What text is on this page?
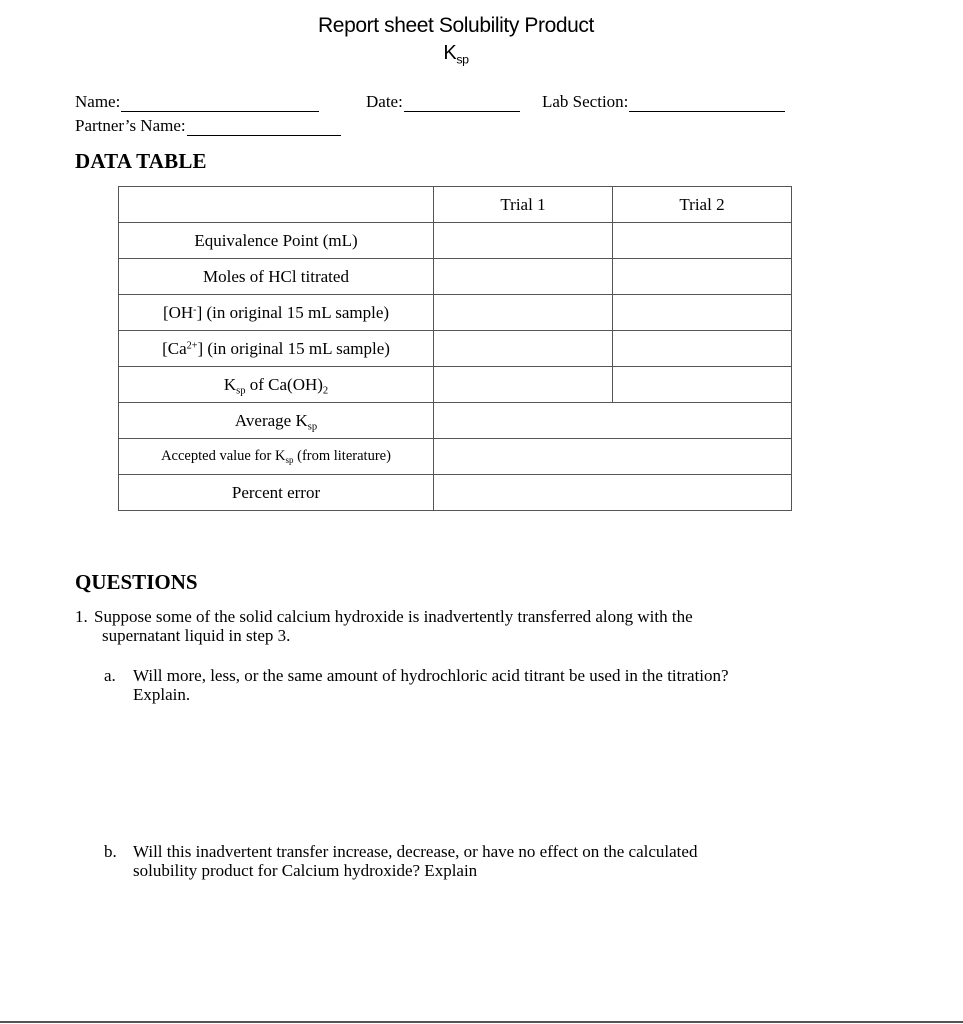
Report sheet Solubility Product
$K_{sp}$
Name:	Date:	Lab Section:
Partner’s Name:
DATA TABLE
	Trial 1	Trial 2
Equivalence Point (mL)		
Moles of HCl titrated		
[OH-] (in original 15 mL sample)		
$[Ca^{2+}]$ (in original 15 mL sample)		
$K_{sp}$ of $Ca(OH)_2$		
Average $K_{sp}$	
Accepted value for $K_{sp}$ (from literature)		
Percent error		
QUESTIONS
1. Suppose some of the solid calcium hydroxide is inadvertently transferred along with the
supernatant liquid in step 3.
a. Will more, less, or the same amount of hydrochloric acid titrant be used in the titration?
Explain.
b. Will this inadvertent transfer increase, decrease, or have no effect on the calculated
solubility product for Calcium hydroxide? Explain
